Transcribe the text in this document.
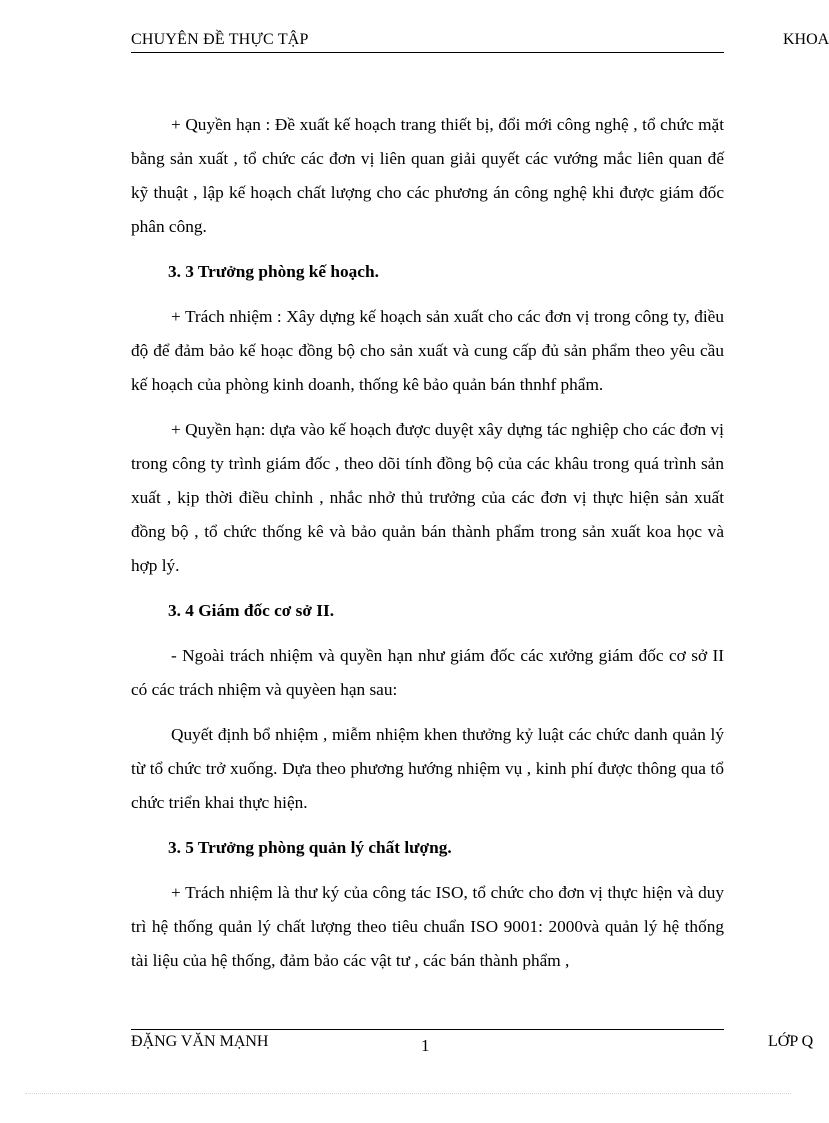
CHUYÊN ĐỀ THỰC TẬP	KHOA

+ Quyền hạn : Đề xuất kế hoạch trang thiết bị, đổi mới công nghệ , tổ chức mặt bằng sản xuất , tổ chức các đơn vị liên quan giải quyết các vướng mắc liên quan đế kỹ thuật , lập kế hoạch chất lượng cho các phương án công nghệ khi được giám đốc phân công.

3. 3 Trưởng phòng kế hoạch.

+ Trách nhiệm : Xây dựng kế hoạch sản xuất cho các đơn vị trong công ty, điều độ để đảm bảo kế hoạc đồng bộ cho sản xuất và cung cấp đủ sản phẩm theo yêu cầu kế hoạch của phòng kinh doanh, thống kê bảo quản bán thnhf phẩm.

+ Quyền hạn: dựa vào kế hoạch được duyệt xây dựng tác nghiệp cho các đơn vị trong công ty trình giám đốc , theo dõi tính đồng bộ của các khâu trong quá trình sản xuất , kịp thời điều chỉnh , nhắc nhở thủ trưởng của các đơn vị thực hiện sản xuất đồng bộ , tổ chức thống kê và bảo quản bán thành phẩm trong sản xuất koa học và hợp lý.

3. 4 Giám đốc cơ sở II.

- Ngoài trách nhiệm và quyền hạn như giám đốc các xưởng giám đốc cơ sở II có các trách nhiệm và quyèen hạn sau:

Quyết định bổ nhiệm , miễm nhiệm khen thưởng kỷ luật các chức danh quản lý từ tổ chức trở xuống. Dựa theo phương hướng nhiệm vụ , kinh phí được thông qua tổ chức triển khai thực hiện.

3. 5 Trưởng phòng quản lý chất lượng.

+ Trách nhiệm là thư ký của công tác ISO, tổ chức cho đơn vị thực hiện và duy trì hệ thống quản lý chất lượng theo tiêu chuẩn ISO 9001: 2000và quản lý hệ thống tài liệu của hệ thống, đảm bảo các vật tư , các bán thành phẩm ,

ĐẶNG VĂN MẠNH	1	LỚP Q
